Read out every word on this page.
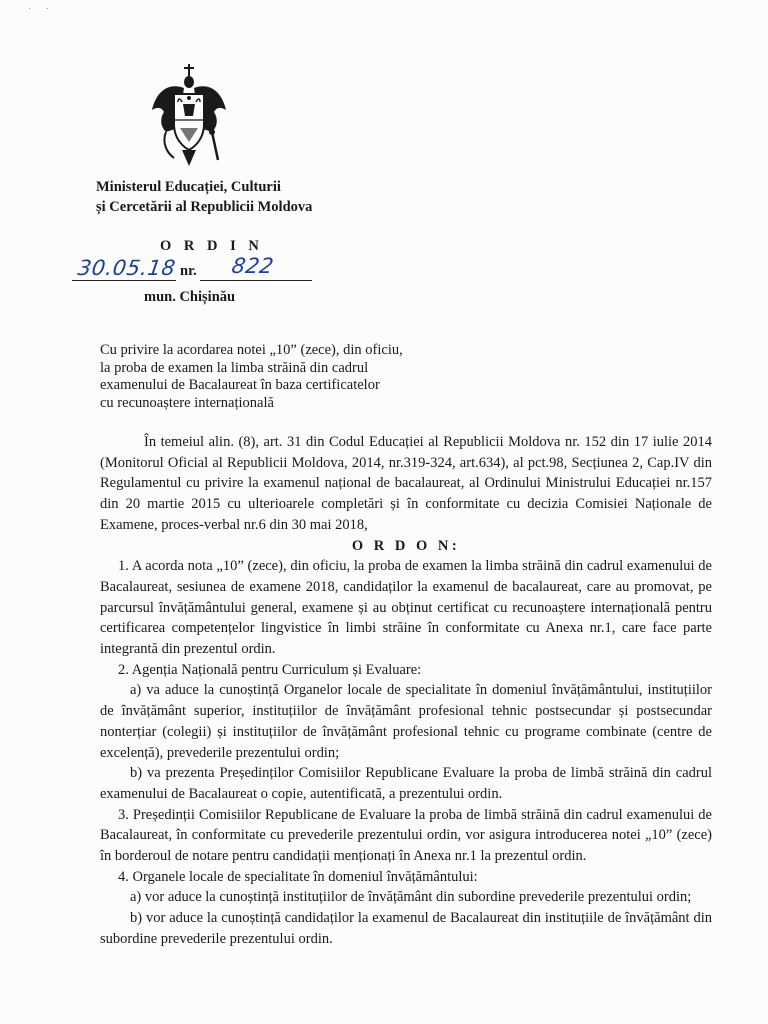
· ·
Ministerul Educației, Culturii
și Cercetării al Republicii Moldova
O R D I N
30.05.18 nr. 822
mun. Chișinău
Cu privire la acordarea notei „10” (zece), din oficiu,
la proba de examen la limba străină din cadrul
examenului de Bacalaureat în baza certificatelor
cu recunoaștere internațională

În temeiul alin. (8), art. 31 din Codul Educației al Republicii Moldova nr. 152 din 17 iulie 2014 (Monitorul Oficial al Republicii Moldova, 2014, nr.319-324, art.634), al pct.98, Secțiunea 2, Cap.IV din Regulamentul cu privire la examenul național de bacalaureat, al Ordinului Ministrului Educației nr.157 din 20 martie 2015 cu ulterioarele completări și în conformitate cu decizia Comisiei Naționale de Examene, proces-verbal nr.6 din 30 mai 2018,

O R D O N:

1. A acorda nota „10” (zece), din oficiu, la proba de examen la limba străină din cadrul examenului de Bacalaureat, sesiunea de examene 2018, candidaților la examenul de bacalaureat, care au promovat, pe parcursul învățământului general, examene și au obținut certificat cu recunoaștere internațională pentru certificarea competențelor lingvistice în limbi străine în conformitate cu Anexa nr.1, care face parte integrantă din prezentul ordin.

2. Agenția Națională pentru Curriculum și Evaluare:

a) va aduce la cunoștință Organelor locale de specialitate în domeniul învățământului, instituțiilor de învățământ superior, instituțiilor de învățământ profesional tehnic postsecundar și postsecundar nonterțiar (colegii) și instituțiilor de învățământ profesional tehnic cu programe combinate (centre de excelență), prevederile prezentului ordin;

b) va prezenta Președinților Comisiilor Republicane Evaluare la proba de limbă străină din cadrul examenului de Bacalaureat o copie, autentificată, a prezentului ordin.

3. Președinții Comisiilor Republicane de Evaluare la proba de limbă străină din cadrul examenului de Bacalaureat, în conformitate cu prevederile prezentului ordin, vor asigura introducerea notei „10” (zece) în borderoul de notare pentru candidații menționați în Anexa nr.1 la prezentul ordin.

4. Organele locale de specialitate în domeniul învățământului:

a) vor aduce la cunoștință instituțiilor de învățământ din subordine prevederile prezentului ordin;

b) vor aduce la cunoștință candidaților la examenul de Bacalaureat din instituțiile de învățământ din subordine prevederile prezentului ordin.
